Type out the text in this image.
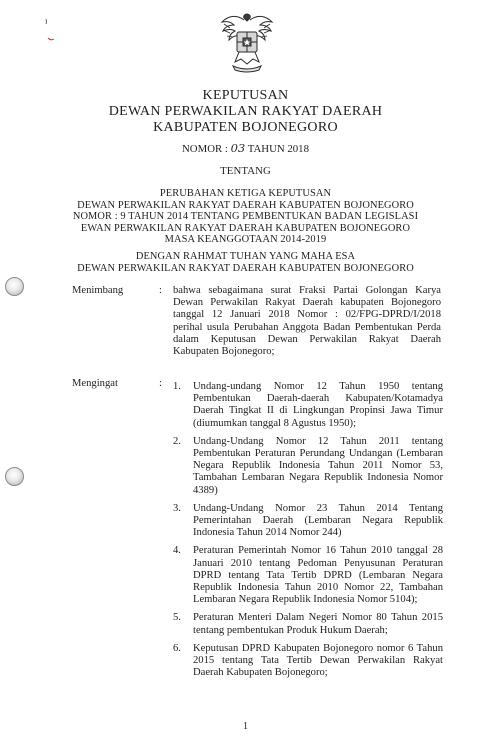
KEPUTUSAN
DEWAN PERWAKILAN RAKYAT DAERAH
KABUPATEN BOJONEGORO
NOMOR : 03 TAHUN 2018
TENTANG
PERUBAHAN KETIGA KEPUTUSAN
DEWAN PERWAKILAN RAKYAT DAERAH KABUPATEN BOJONEGORO
NOMOR : 9 TAHUN 2014 TENTANG PEMBENTUKAN BADAN LEGISLASI
EWAN PERWAKILAN RAKYAT DAERAH KABUPATEN BOJONEGORO
MASA KEANGGOTAAN 2014-2019
DENGAN RAHMAT TUHAN YANG MAHA ESA
DEWAN PERWAKILAN RAKYAT DAERAH KABUPATEN BOJONEGORO
Menimbang	: bahwa sebagaimana surat Fraksi Partai Golongan Karya Dewan Perwakilan Rakyat Daerah kabupaten Bojonegoro tanggal 12 Januari 2018 Nomor : 02/FPG-DPRD/I/2018 perihal usula Perubahan Anggota Badan Pembentukan Perda dalam Keputusan Dewan Perwakilan Rakyat Daerah Kabupaten Bojonegoro;
Mengingat	: 1. Undang-undang Nomor 12 Tahun 1950 tentang Pembentukan Daerah-daerah Kabupaten/Kotamadya Daerah Tingkat II di Lingkungan Propinsi Jawa Timur (diumumkan tanggal 8 Agustus 1950);
2. Undang-Undang Nomor 12 Tahun 2011 tentang Pembentukan Peraturan Perundang Undangan (Lembaran Negara Republik Indonesia Tahun 2011 Nomor 53, Tambahan Lembaran Negara Republik Indonesia Nomor 4389)
3. Undang-Undang Nomor 23 Tahun 2014 Tentang Pemerintahan Daerah (Lembaran Negara Republik Indonesia Tahun 2014 Nomor 244)
4. Peraturan Pemerintah Nomor 16 Tahun 2010 tanggal 28 Januari 2010 tentang Pedoman Penyusunan Peraturan DPRD tentang Tata Tertib DPRD (Lembaran Negara Republik Indonesia Tahun 2010 Nomor 22, Tambahan Lembaran Negara Republik Indonesia Nomor 5104);
5. Peraturan Menteri Dalam Negeri Nomor 80 Tahun 2015 tentang pembentukan Produk Hukum Daerah;
6. Keputusan DPRD Kabupaten Bojonegoro nomor 6 Tahun 2015 tentang Tata Tertib Dewan Perwakilan Rakyat Daerah Kabupaten Bojonegoro;
1
